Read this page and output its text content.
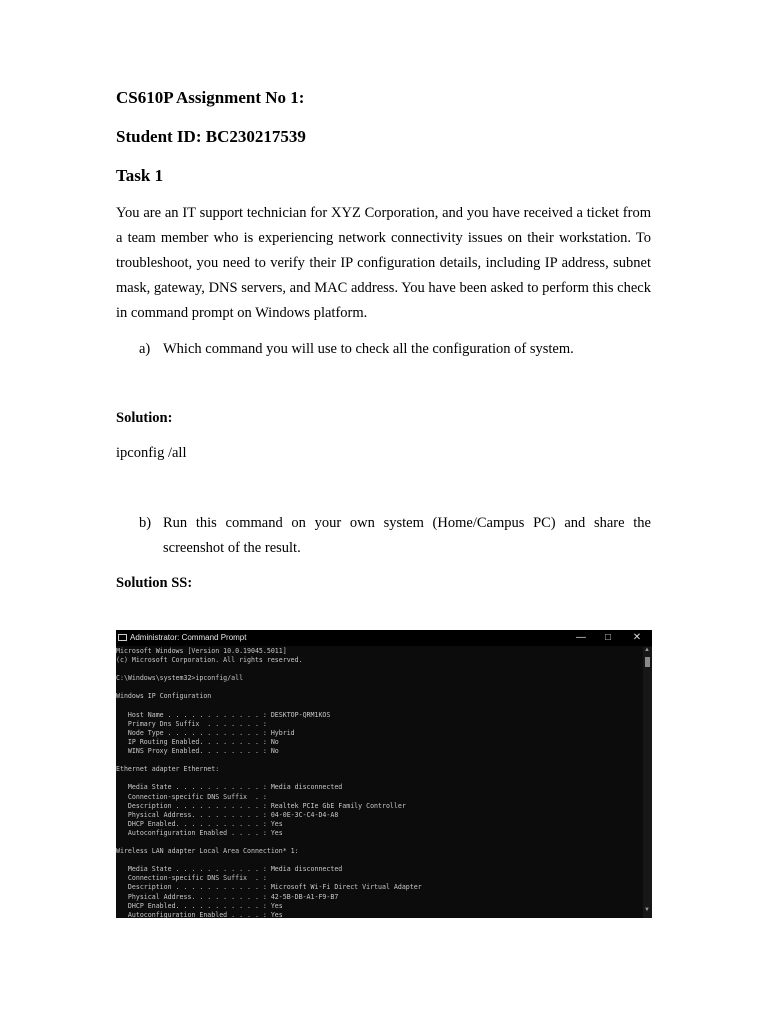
CS610P Assignment No 1:
Student ID: BC230217539
Task 1
You are an IT support technician for XYZ Corporation, and you have received a ticket from a team member who is experiencing network connectivity issues on their workstation. To troubleshoot, you need to verify their IP configuration details, including IP address, subnet mask, gateway, DNS servers, and MAC address. You have been asked to perform this check in command prompt on Windows platform.
a) Which command you will use to check all the configuration of system.
Solution:
ipconfig /all
b) Run this command on your own system (Home/Campus PC) and share the screenshot of the result.
Solution SS:
Administrator: Command Prompt	—	□	✕
Microsoft Windows [Version 10.0.19045.5011]
(c) Microsoft Corporation. All rights reserved.
C:\Windows\system32>ipconfig/all
Windows IP Configuration
Host Name . . . . . . . . . . . . : DESKTOP-QRM1KOS
Primary Dns Suffix  . . . . . . . :
Node Type . . . . . . . . . . . . : Hybrid
IP Routing Enabled. . . . . . . . : No
WINS Proxy Enabled. . . . . . . . : No
Ethernet adapter Ethernet:
Media State . . . . . . . . . . . : Media disconnected
Connection-specific DNS Suffix  . :
Description . . . . . . . . . . . : Realtek PCIe GbE Family Controller
Physical Address. . . . . . . . . : 04-0E-3C-C4-D4-A8
DHCP Enabled. . . . . . . . . . . : Yes
Autoconfiguration Enabled . . . . : Yes
Wireless LAN adapter Local Area Connection* 1:
Media State . . . . . . . . . . . : Media disconnected
Connection-specific DNS Suffix  . :
Description . . . . . . . . . . . : Microsoft Wi-Fi Direct Virtual Adapter
Physical Address. . . . . . . . . : 42-5B-DB-A1-F9-B7
DHCP Enabled. . . . . . . . . . . : Yes
Autoconfiguration Enabled . . . . : Yes
▲
▼
